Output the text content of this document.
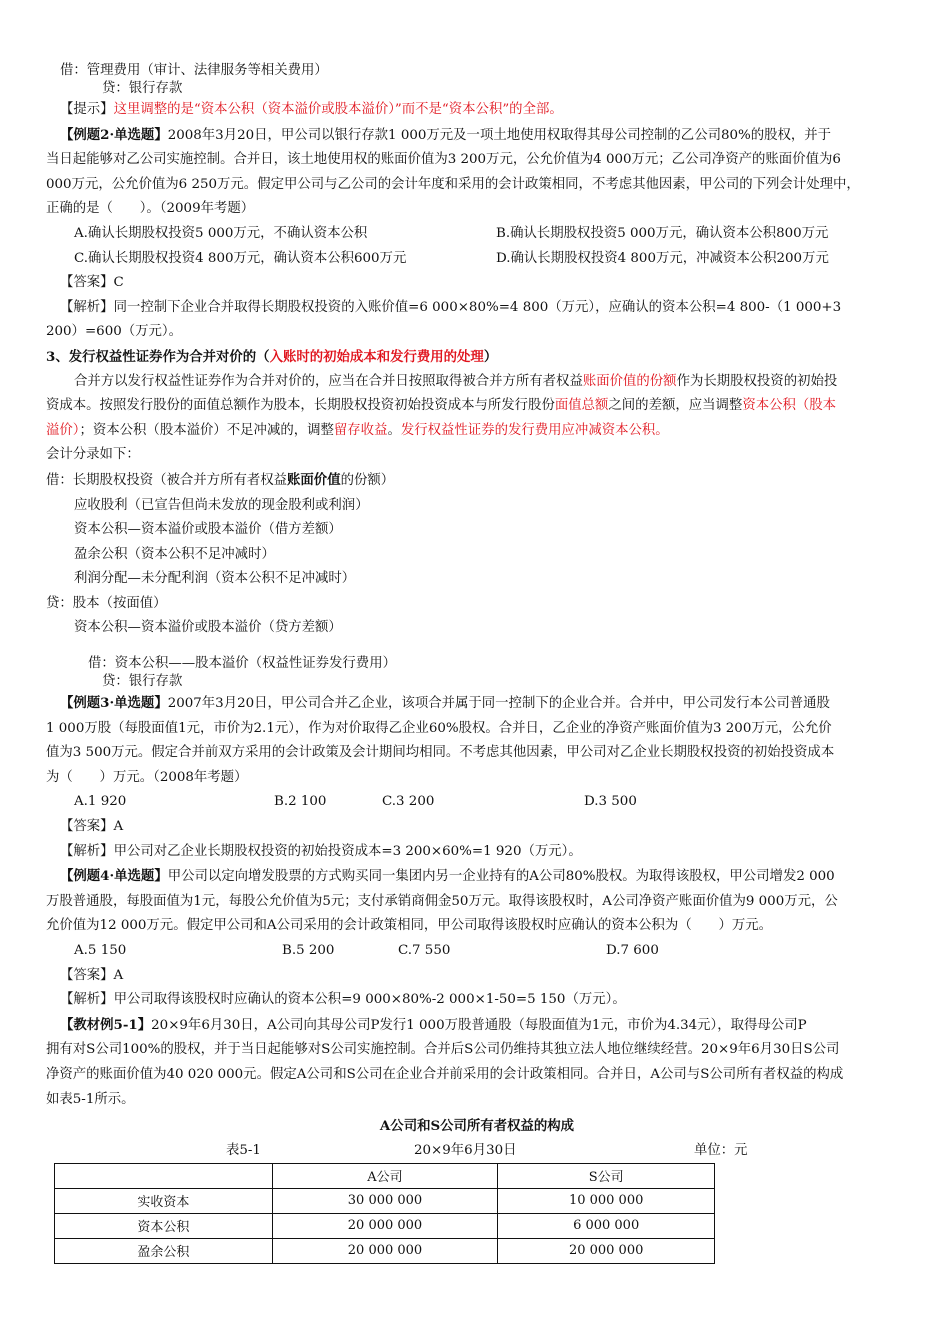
借：管理费用（审计、法律服务等相关费用）
贷：银行存款
【提示】这里调整的是“资本公积（资本溢价或股本溢价）”而不是“资本公积”的全部。
【例题2·单选题】2008年3月20日，甲公司以银行存款1 000万元及一项土地使用权取得其母公司控制的乙公司80%的股权，并于
当日起能够对乙公司实施控制。合并日，该土地使用权的账面价值为3 200万元，公允价值为4 000万元；乙公司净资产的账面价值为6
000万元，公允价值为6 250万元。假定甲公司与乙公司的会计年度和采用的会计政策相同，不考虑其他因素，甲公司的下列会计处理中，
正确的是（　　）。（2009年考题）
A.确认长期股权投资5 000万元，不确认资本公积	B.确认长期股权投资5 000万元，确认资本公积800万元
C.确认长期股权投资4 800万元，确认资本公积600万元	D.确认长期股权投资4 800万元，冲减资本公积200万元
【答案】C
【解析】同一控制下企业合并取得长期股权投资的入账价值=6 000×80%=4 800（万元），应确认的资本公积=4 800-（1 000+3
200）=600（万元）。
3、发行权益性证券作为合并对价的（入账时的初始成本和发行费用的处理）
合并方以发行权益性证券作为合并对价的，应当在合并日按照取得被合并方所有者权益账面价值的份额作为长期股权投资的初始投
资成本。按照发行股份的面值总额作为股本，长期股权投资初始投资成本与所发行股份面值总额之间的差额，应当调整资本公积（股本
溢价）；资本公积（股本溢价）不足冲减的，调整留存收益。发行权益性证券的发行费用应冲减资本公积。
会计分录如下：
借：长期股权投资（被合并方所有者权益账面价值的份额）
应收股利（已宣告但尚未发放的现金股利或利润）
资本公积—资本溢价或股本溢价（借方差额）
盈余公积（资本公积不足冲减时）
利润分配—未分配利润（资本公积不足冲减时）
贷：股本（按面值）
资本公积—资本溢价或股本溢价（贷方差额）
借：资本公积——股本溢价（权益性证券发行费用）
贷：银行存款
【例题3·单选题】2007年3月20日，甲公司合并乙企业，该项合并属于同一控制下的企业合并。合并中，甲公司发行本公司普通股
1 000万股（每股面值1元，市价为2.1元），作为对价取得乙企业60%股权。合并日，乙企业的净资产账面价值为3 200万元，公允价
值为3 500万元。假定合并前双方采用的会计政策及会计期间均相同。不考虑其他因素，甲公司对乙企业长期股权投资的初始投资成本
为（　　）万元。（2008年考题）
A.1 920	B.2 100	C.3 200	D.3 500
【答案】A
【解析】甲公司对乙企业长期股权投资的初始投资成本=3 200×60%=1 920（万元）。
【例题4·单选题】甲公司以定向增发股票的方式购买同一集团内另一企业持有的A公司80%股权。为取得该股权，甲公司增发2 000
万股普通股，每股面值为1元，每股公允价值为5元；支付承销商佣金50万元。取得该股权时，A公司净资产账面价值为9 000万元，公
允价值为12 000万元。假定甲公司和A公司采用的会计政策相同，甲公司取得该股权时应确认的资本公积为（　　）万元。
A.5 150	B.5 200	C.7 550	D.7 600
【答案】A
【解析】甲公司取得该股权时应确认的资本公积=9 000×80%-2 000×1-50=5 150（万元）。
【教材例5-1】20×9年6月30日，A公司向其母公司P发行1 000万股普通股（每股面值为1元，市价为4.34元），取得母公司P
拥有对S公司100%的股权，并于当日起能够对S公司实施控制。合并后S公司仍维持其独立法人地位继续经营。20×9年6月30日S公司
净资产的账面价值为40 020 000元。假定A公司和S公司在企业合并前采用的会计政策相同。合并日，A公司与S公司所有者权益的构成
如表5-1所示。
A公司和S公司所有者权益的构成
表5-1	20×9年6月30日	单位：元
	A公司	S公司
实收资本	30 000 000	10 000 000
资本公积	20 000 000	6 000 000
盈余公积	20 000 000	20 000 000
